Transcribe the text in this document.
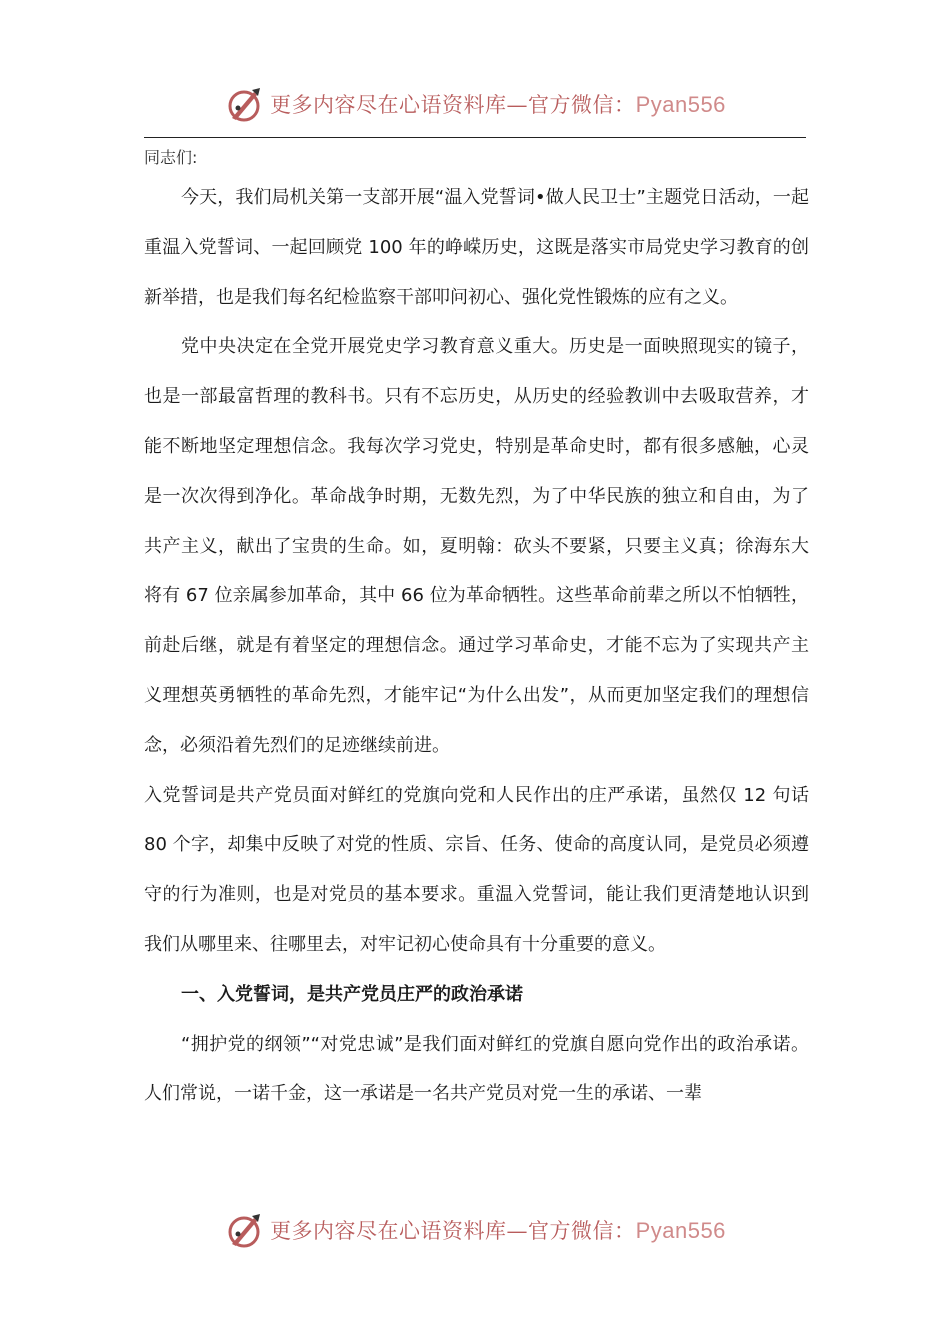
更多内容尽在心语资料库—官方微信：Pyan556

同志们:

今天，我们局机关第一支部开展“温入党誓词•做人民卫士”主题党日活动，一起重温入党誓词、一起回顾党 100 年的峥嵘历史，这既是落实市局党史学习教育的创新举措，也是我们每名纪检监察干部叩问初心、强化党性锻炼的应有之义。

党中央决定在全党开展党史学习教育意义重大。历史是一面映照现实的镜子，也是一部最富哲理的教科书。只有不忘历史，从历史的经验教训中去吸取营养，才能不断地坚定理想信念。我每次学习党史，特别是革命史时，都有很多感触，心灵是一次次得到净化。革命战争时期，无数先烈，为了中华民族的独立和自由，为了共产主义，献出了宝贵的生命。如，夏明翰：砍头不要紧，只要主义真；徐海东大将有 67 位亲属参加革命，其中 66 位为革命牺牲。这些革命前辈之所以不怕牺牲，前赴后继，就是有着坚定的理想信念。通过学习革命史，才能不忘为了实现共产主义理想英勇牺牲的革命先烈，才能牢记“为什么出发”，从而更加坚定我们的理想信念，必须沿着先烈们的足迹继续前进。

入党誓词是共产党员面对鲜红的党旗向党和人民作出的庄严承诺，虽然仅 12 句话 80 个字，却集中反映了对党的性质、宗旨、任务、使命的高度认同，是党员必须遵守的行为准则，也是对党员的基本要求。重温入党誓词，能让我们更清楚地认识到我们从哪里来、往哪里去，对牢记初心使命具有十分重要的意义。

一、入党誓词，是共产党员庄严的政治承诺

“拥护党的纲领”“对党忠诚”是我们面对鲜红的党旗自愿向党作出的政治承诺。人们常说，一诺千金，这一承诺是一名共产党员对党一生的承诺、一辈

更多内容尽在心语资料库—官方微信：Pyan556
